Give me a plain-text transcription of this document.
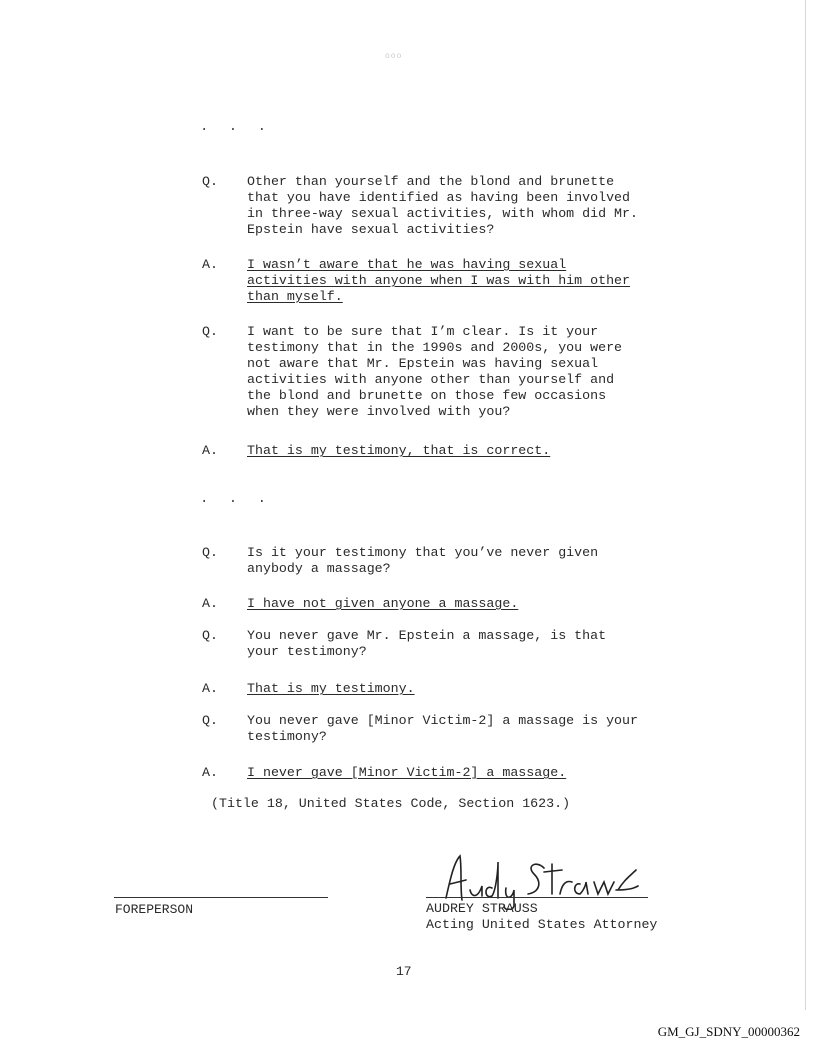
ooo
· · ·
Q.	Other than yourself and the blond and brunette
that you have identified as having been involved
in three-way sexual activities, with whom did Mr.
Epstein have sexual activities?
A.	I wasn’t aware that he was having sexual
activities with anyone when I was with him other
than myself.
Q.	I want to be sure that I’m clear. Is it your
testimony that in the 1990s and 2000s, you were
not aware that Mr. Epstein was having sexual
activities with anyone other than yourself and
the blond and brunette on those few occasions
when they were involved with you?
A.	That is my testimony, that is correct.
· · ·
Q.	Is it your testimony that you’ve never given
anybody a massage?
A.	I have not given anyone a massage.
Q.	You never gave Mr. Epstein a massage, is that
your testimony?
A.	That is my testimony.
Q.	You never gave [Minor Victim-2] a massage is your
testimony?
A.	I never gave [Minor Victim-2] a massage.
(Title 18, United States Code, Section 1623.)
FOREPERSON	AUDREY STRAUSS
Acting United States Attorney
17
GM_GJ_SDNY_00000362
